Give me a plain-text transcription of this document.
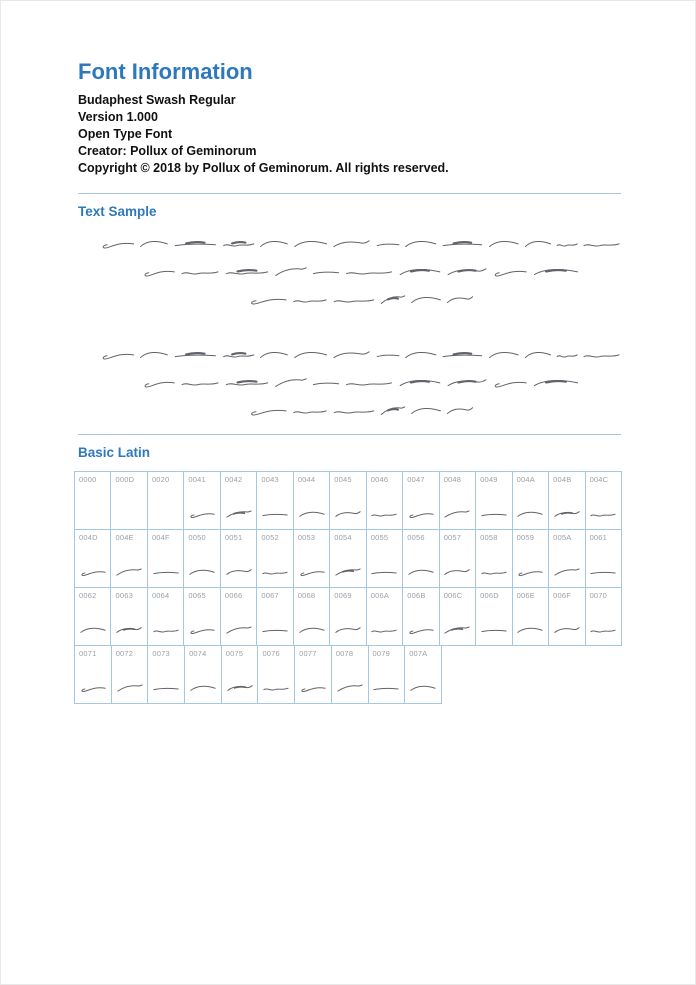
Font Information
Budaphest Swash Regular
Version 1.000
Open Type Font
Creator: Pollux of Geminorum
Copyright © 2018 by Pollux of Geminorum. All rights reserved.
Text Sample
Basic Latin
0000	000D 0020	0041	0042	0043	0044	0045	0046	0047	0048	0049	004A 004B 004C
004D 004E 004F 0050	0051	0052	0053	0054	0055	0056	0057	0058	0059	005A 0061
0062	0063	0064	0065	0066	0067	0068	0069	006A 006B 006C 006D 006E 006F 0070
0071	0072	0073	0074	0075	0076	0077	0078	0079	007A
